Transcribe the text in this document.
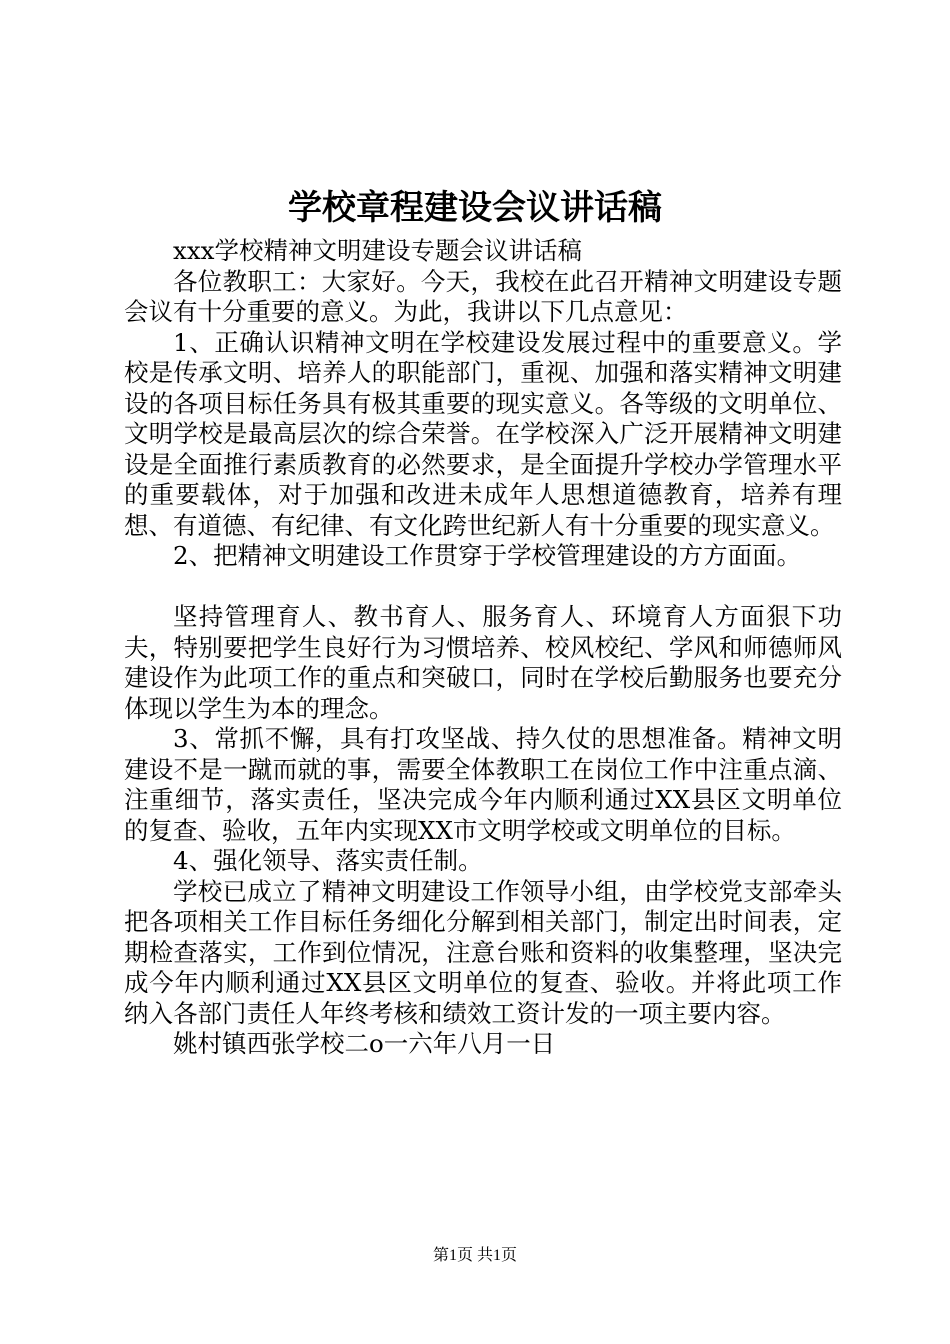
学校章程建设会议讲话稿

xxx学校精神文明建设专题会议讲话稿

各位教职工：大家好。今天，我校在此召开精神文明建设专题会议有十分重要的意义。为此，我讲以下几点意见：

1、正确认识精神文明在学校建设发展过程中的重要意义。学校是传承文明、培养人的职能部门，重视、加强和落实精神文明建设的各项目标任务具有极其重要的现实意义。各等级的文明单位、文明学校是最高层次的综合荣誉。在学校深入广泛开展精神文明建设是全面推行素质教育的必然要求，是全面提升学校办学管理水平的重要载体，对于加强和改进未成年人思想道德教育，培养有理想、有道德、有纪律、有文化跨世纪新人有十分重要的现实意义。

2、把精神文明建设工作贯穿于学校管理建设的方方面面。

坚持管理育人、教书育人、服务育人、环境育人方面狠下功夫，特别要把学生良好行为习惯培养、校风校纪、学风和师德师风建设作为此项工作的重点和突破口，同时在学校后勤服务也要充分体现以学生为本的理念。

3、常抓不懈，具有打攻坚战、持久仗的思想准备。精神文明建设不是一蹴而就的事，需要全体教职工在岗位工作中注重点滴、注重细节，落实责任，坚决完成今年内顺利通过XX县区文明单位的复查、验收，五年内实现XX市文明学校或文明单位的目标。

4、强化领导、落实责任制。

学校已成立了精神文明建设工作领导小组，由学校党支部牵头把各项相关工作目标任务细化分解到相关部门，制定出时间表，定期检查落实，工作到位情况，注意台账和资料的收集整理，坚决完成今年内顺利通过XX县区文明单位的复查、验收。并将此项工作纳入各部门责任人年终考核和绩效工资计发的一项主要内容。

姚村镇西张学校二o一六年八月一日

第1页 共1页
